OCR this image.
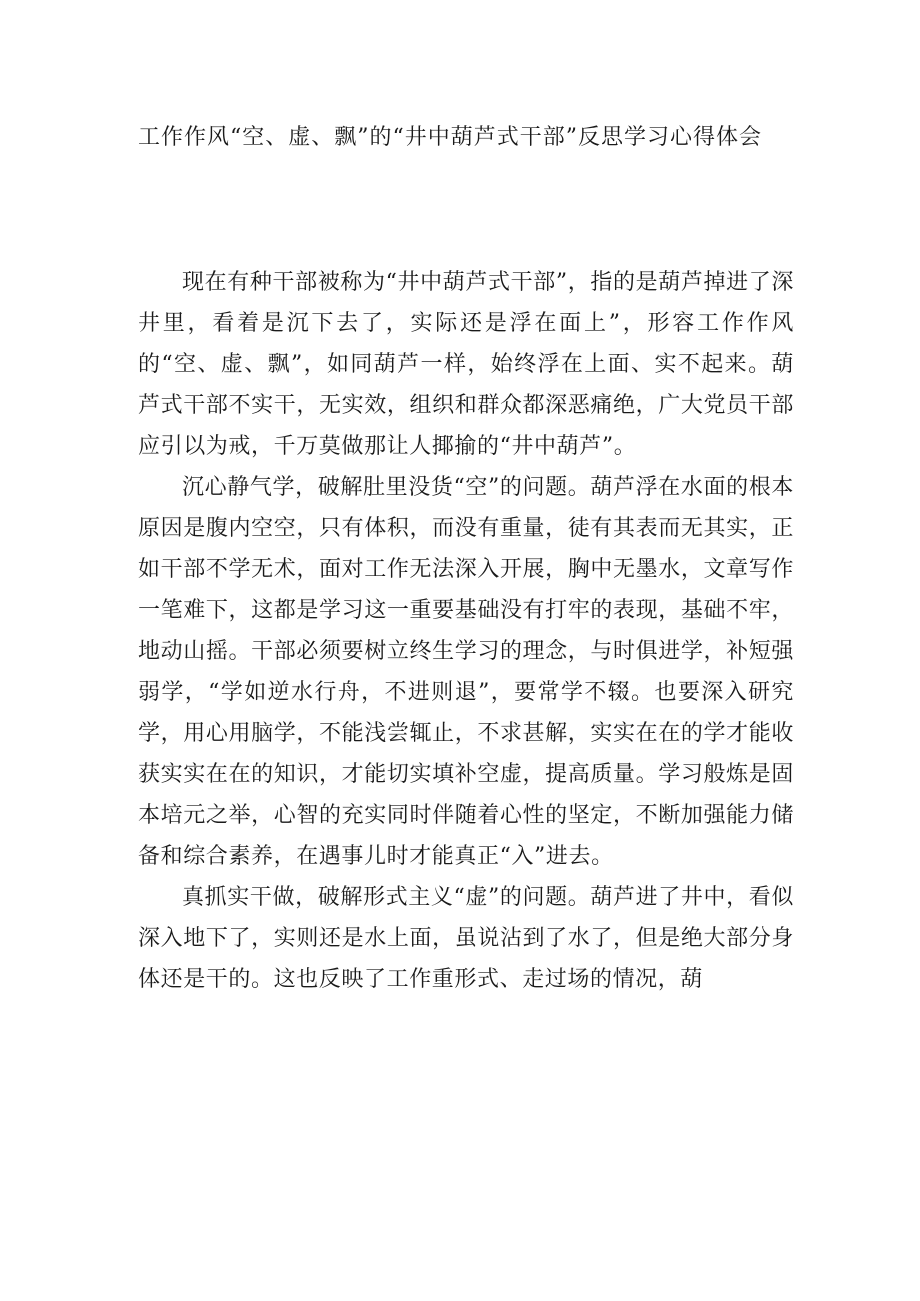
工作作风“空、虚、飘”的“井中葫芦式干部”反思学习心得体会

现在有种干部被称为“井中葫芦式干部”，指的是葫芦掉进了深井里，看着是沉下去了，实际还是浮在面上”，形容工作作风的“空、虚、飘”，如同葫芦一样，始终浮在上面、实不起来。葫芦式干部不实干，无实效，组织和群众都深恶痛绝，广大党员干部应引以为戒，千万莫做那让人揶揄的“井中葫芦”。

沉心静气学，破解肚里没货“空”的问题。葫芦浮在水面的根本原因是腹内空空，只有体积，而没有重量，徒有其表而无其实，正如干部不学无术，面对工作无法深入开展，胸中无墨水，文章写作一笔难下，这都是学习这一重要基础没有打牢的表现，基础不牢，地动山摇。干部必须要树立终生学习的理念，与时俱进学，补短强弱学，“学如逆水行舟，不进则退”，要常学不辍。也要深入研究学，用心用脑学，不能浅尝辄止，不求甚解，实实在在的学才能收获实实在在的知识，才能切实填补空虚，提高质量。学习般炼是固本培元之举，心智的充实同时伴随着心性的坚定，不断加强能力储备和综合素养，在遇事儿时才能真正“入”进去。

真抓实干做，破解形式主义“虚”的问题。葫芦进了井中，看似深入地下了，实则还是水上面，虽说沾到了水了，但是绝大部分身体还是干的。这也反映了工作重形式、走过场的情况，葫
